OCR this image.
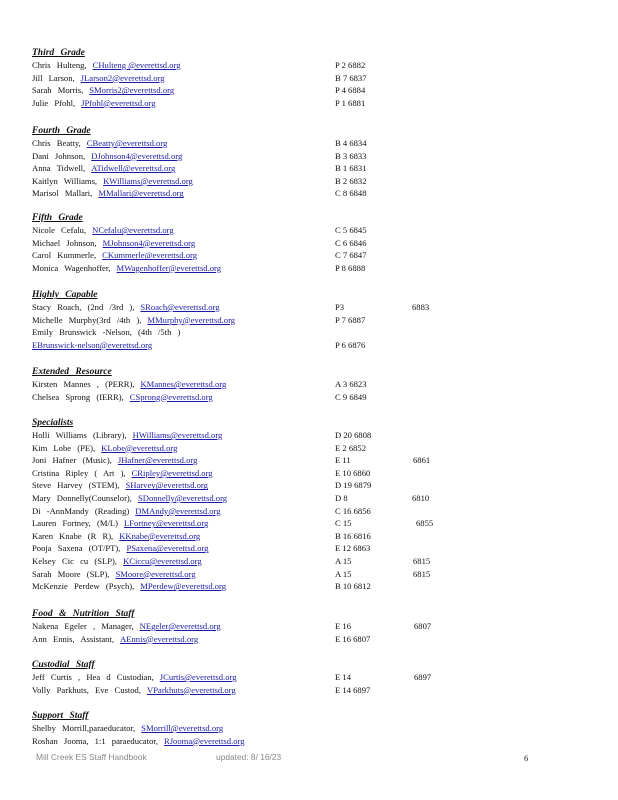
Third Grade
Chris Hulteng, CHulteng @everettsd.org	P 2 6882
Jill Larson, JLarson2@everettsd.org	B 7 6837
Sarah Morris, SMorris2@everettsd.org	P 4 6884
Julie Pfohl, JPfohl@everettsd.org	P 1 6881
Fourth Grade
Chris Beatty, CBeatty@everettsd.org	B 4 6834
Dani Johnson, DJohnson4@everettsd.org	B 3 6833
Anna Tidwell, ATidwell@everettsd.org	B 1 6831
Kaitlyn Williams, KWilliams@everettsd.org	B 2 6832
Marisol Mallari, MMallari@everettsd.org	C 8 6848
Fifth Grade
Nicole Cefalu, NCefalu@everettsd.org	C 5 6845
Michael Johnson, MJohnson4@everettsd.org	C 6 6846
Carol Kummerle, CKummerle@everettsd.org	C 7 6847
Monica Wagenhoffer, MWagenhoffer@everettsd.org	P 8 6888
Highly Capable
Stacy Roach, (2nd /3rd ), SRoach@everettsd.org	P3	6883
Michelle Murphy(3rd /4th ), MMurphy@everettsd.org	P 7 6887
Emily Brunswick -Nelson, (4th /5th )
EBrunswick-nelson@everettsd.org	P 6 6876
Extended Resource
Kirsten Mannes , (PERR), KMannes@everettsd.org	A 3 6823
Chelsea Sprong (IERR), CSprong@everettsd.org	C 9 6849
Specialists
Holli Williams (Library), HWilliams@everettsd.org	D 20 6808
Kim Lobe (PE), KLobe@everettsd.org	E 2 6852
Joni Hafner (Music), JHafner@everettsd.org	E 11	6861
Cristina Ripley ( Art ), CRipley@everettsd.org	E 10 6860
Steve Harvey (STEM), SHarvey@everettsd.org	D 19 6879
Mary Donnelly(Counselor), SDonnelly@everettsd.org	D 8	6810
Di -AnnMandy (Reading) DMAndy@everettsd.org	C 16 6856
Lauren Fortney, (M/L) LFortney@everettsd.org	C 15	6855
Karen Knabe (R R), KKnabe@everettsd.org	B 16 6816
Pooja Saxena (OT/PT), PSaxena@everettsd.org	E 12 6863
Kelsey Cic cu (SLP), KCiccu@everettsd.org	A 15	6815
Sarah Moore (SLP), SMoore@everettsd.org	A 15	6815
McKenzie Perdew (Psych), MPerdew@everettsd.org	B 10 6812
Food & Nutrition Staff
Nakena Egeler , Manager, NEgeler@everettsd.org	E 16	6807
Ann Ennis, Assistant, AEnnis@everettsd.org	E 16 6807
Custodial Staff
Jeff Curtis , Hea d Custodian, JCurtis@everettsd.org	E 14	6897
Volly Parkhuts, Eve Custod, VParkhuts@everettsd.org	E 14 6897
Support Staff
Shelby Morrill,paraeducator, SMorrill@everettsd.org
Roshan Jooma, 1:1 paraeducator, RJooma@everettsd.org
Mill Creek ES Staff Handbook	updated: 8/ 16/23	6
